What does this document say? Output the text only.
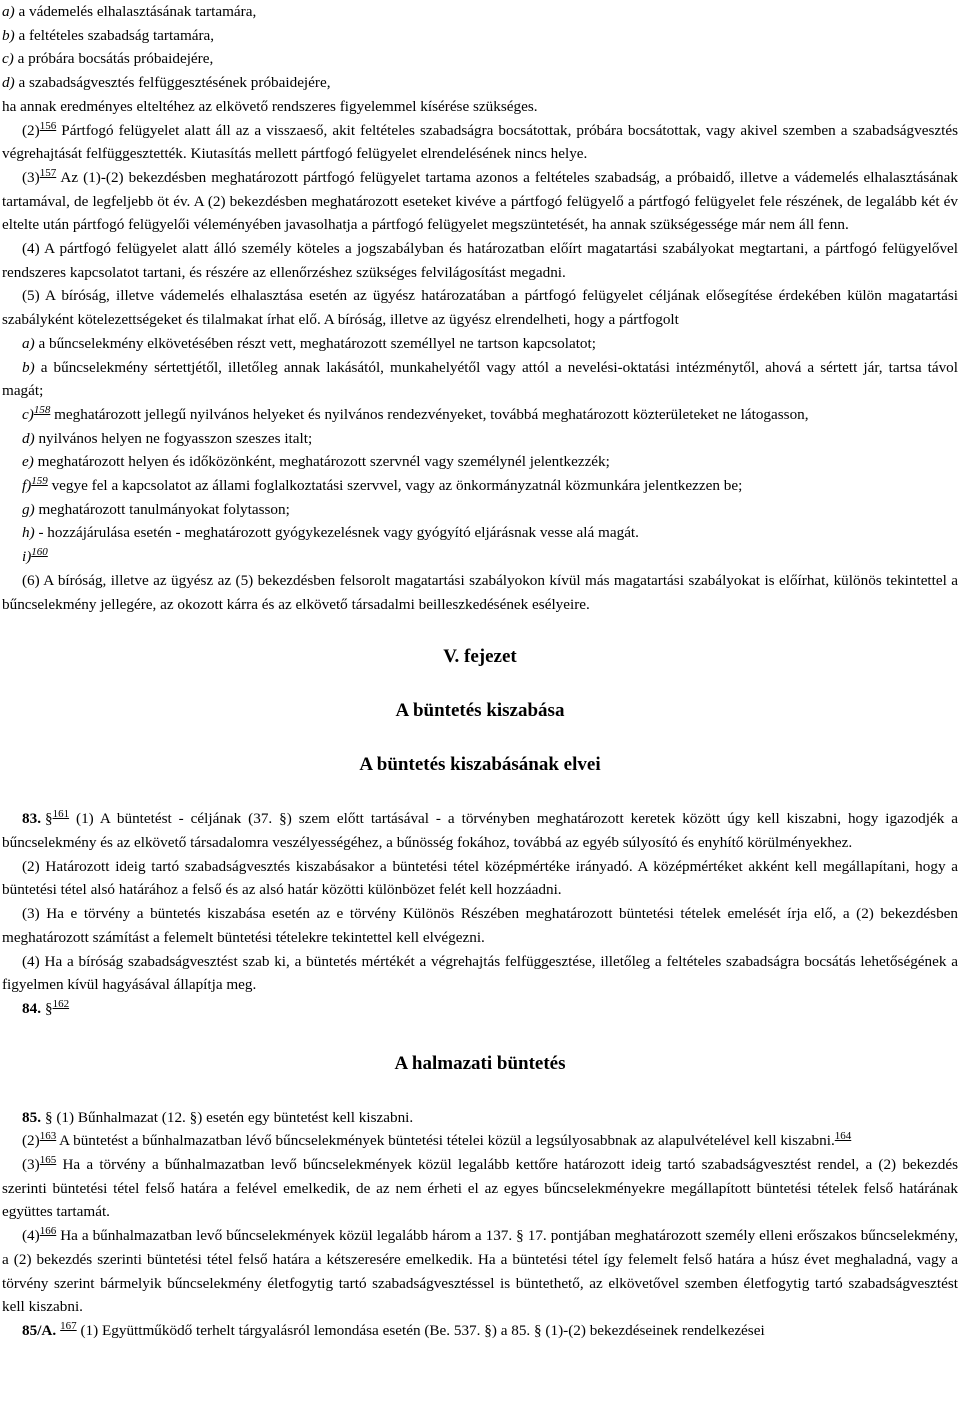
a) a vádemelés elhalasztásának tartamára,

b) a feltételes szabadság tartamára,

c) a próbára bocsátás próbaidejére,

d) a szabadságvesztés felfüggesztésének próbaidejére,

ha annak eredményes elteltéhez az elkövető rendszeres figyelemmel kísérése szükséges.

(2)$^{156}$ Pártfogó felügyelet alatt áll az a visszaeső, akit feltételes szabadságra bocsátottak, próbára bocsátottak, vagy akivel szemben a szabadságvesztés végrehajtását felfüggesztették. Kiutasítás mellett pártfogó felügyelet elrendelésének nincs helye.

(3)$^{157}$ Az (1)-(2) bekezdésben meghatározott pártfogó felügyelet tartama azonos a feltételes szabadság, a próbaidő, illetve a vádemelés elhalasztásának tartamával, de legfeljebb öt év. A (2) bekezdésben meghatározott eseteket kivéve a pártfogó felügyelő a pártfogó felügyelet fele részének, de legalább két év eltelte után pártfogó felügyelői véleményében javasolhatja a pártfogó felügyelet megszüntetését, ha annak szükségessége már nem áll fenn.

(4) A pártfogó felügyelet alatt álló személy köteles a jogszabályban és határozatban előírt magatartási szabályokat megtartani, a pártfogó felügyelővel rendszeres kapcsolatot tartani, és részére az ellenőrzéshez szükséges felvilágosítást megadni.

(5) A bíróság, illetve vádemelés elhalasztása esetén az ügyész határozatában a pártfogó felügyelet céljának elősegítése érdekében külön magatartási szabályként kötelezettségeket és tilalmakat írhat elő. A bíróság, illetve az ügyész elrendelheti, hogy a pártfogolt

a) a bűncselekmény elkövetésében részt vett, meghatározott személlyel ne tartson kapcsolatot;

b) a bűncselekmény sértettjétől, illetőleg annak lakásától, munkahelyétől vagy attól a nevelési-oktatási intézménytől, ahová a sértett jár, tartsa távol magát;

c)$^{158}$ meghatározott jellegű nyilvános helyeket és nyilvános rendezvényeket, továbbá meghatározott közterületeket ne látogasson,

d) nyilvános helyen ne fogyasszon szeszes italt;

e) meghatározott helyen és időközönként, meghatározott szervnél vagy személynél jelentkezzék;

f)$^{159}$ vegye fel a kapcsolatot az állami foglalkoztatási szervvel, vagy az önkormányzatnál közmunkára jelentkezzen be;

g) meghatározott tanulmányokat folytasson;

h) - hozzájárulása esetén - meghatározott gyógykezelésnek vagy gyógyító eljárásnak vesse alá magát.

i)$^{160}$

(6) A bíróság, illetve az ügyész az (5) bekezdésben felsorolt magatartási szabályokon kívül más magatartási szabályokat is előírhat, különös tekintettel a bűncselekmény jellegére, az okozott kárra és az elkövető társadalmi beilleszkedésének esélyeire.

V. fejezet
A büntetés kiszabása
A büntetés kiszabásának elvei

83. §$^{161}$ (1) A büntetést - céljának (37. §) szem előtt tartásával - a törvényben meghatározott keretek között úgy kell kiszabni, hogy igazodjék a bűncselekmény és az elkövető társadalomra veszélyességéhez, a bűnösség fokához, továbbá az egyéb súlyosító és enyhítő körülményekhez.

(2) Határozott ideig tartó szabadságvesztés kiszabásakor a büntetési tétel középmértéke irányadó. A középmértéket akként kell megállapítani, hogy a büntetési tétel alsó határához a felső és az alsó határ közötti különbözet felét kell hozzáadni.

(3) Ha e törvény a büntetés kiszabása esetén az e törvény Különös Részében meghatározott büntetési tételek emelését írja elő, a (2) bekezdésben meghatározott számítást a felemelt büntetési tételekre tekintettel kell elvégezni.

(4) Ha a bíróság szabadságvesztést szab ki, a büntetés mértékét a végrehajtás felfüggesztése, illetőleg a feltételes szabadságra bocsátás lehetőségének a figyelmen kívül hagyásával állapítja meg.

84. §$^{162}$

A halmazati büntetés

85. § (1) Bűnhalmazat (12. §) esetén egy büntetést kell kiszabni.

(2)$^{163}$ A büntetést a bűnhalmazatban lévő bűncselekmények büntetési tételei közül a legsúlyosabbnak az alapulvételével kell kiszabni.$^{164}$

(3)$^{165}$ Ha a törvény a bűnhalmazatban levő bűncselekmények közül legalább kettőre határozott ideig tartó szabadságvesztést rendel, a (2) bekezdés szerinti büntetési tétel felső határa a felével emelkedik, de az nem érheti el az egyes bűncselekményekre megállapított büntetési tételek felső határának együttes tartamát.

(4)$^{166}$ Ha a bűnhalmazatban levő bűncselekmények közül legalább három a 137. § 17. pontjában meghatározott személy elleni erőszakos bűncselekmény, a (2) bekezdés szerinti büntetési tétel felső határa a kétszeresére emelkedik. Ha a büntetési tétel így felemelt felső határa a húsz évet meghaladná, vagy a törvény szerint bármelyik bűncselekmény életfogytig tartó szabadságvesztéssel is büntethető, az elkövetővel szemben életfogytig tartó szabadságvesztést kell kiszabni.

85/A. $^{167}$ (1) Együttműködő terhelt tárgyalásról lemondása esetén (Be. 537. §) a 85. § (1)-(2) bekezdéseinek rendelkezései
